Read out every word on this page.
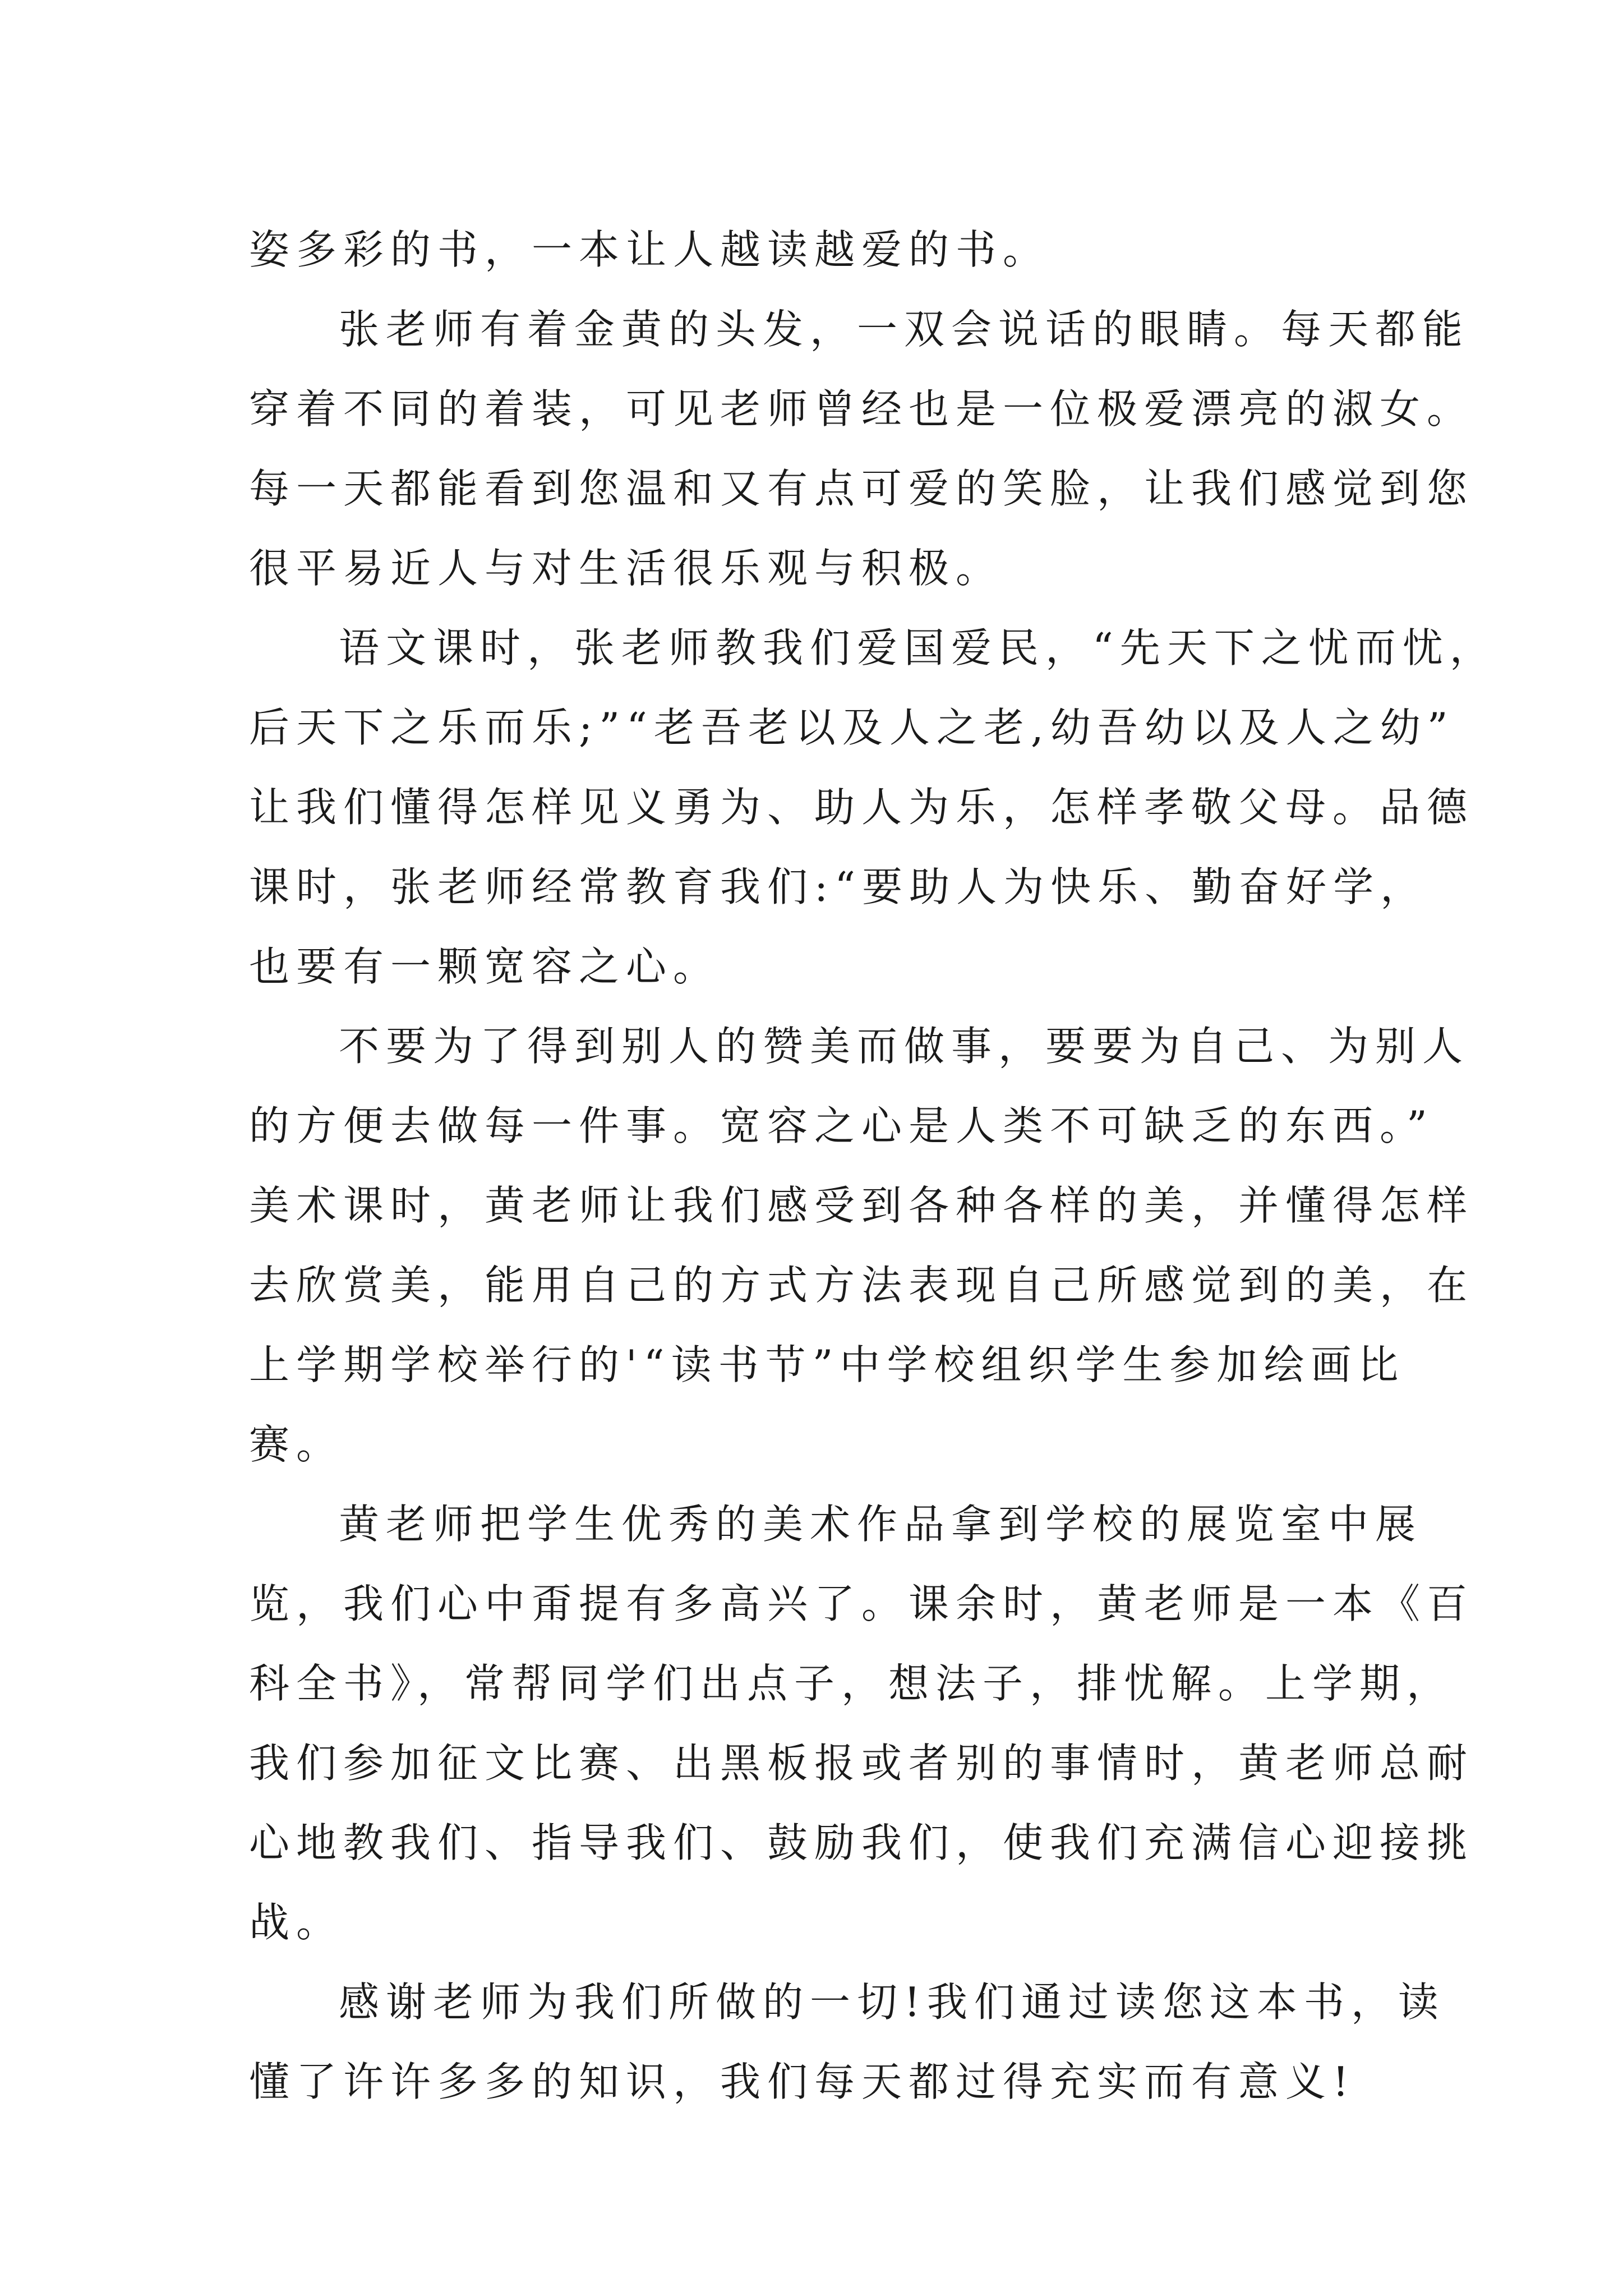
姿多彩的书，一本让人越读越爱的书。
张老师有着金黄的头发，一双会说话的眼睛。每天都能
穿着不同的着装，可见老师曾经也是一位极爱漂亮的淑女。
每一天都能看到您温和又有点可爱的笑脸，让我们感觉到您
很平易近人与对生活很乐观与积极。
语文课时，张老师教我们爱国爱民，“先天下之忧而忧，
后天下之乐而乐;”“老吾老以及人之老,幼吾幼以及人之幼”
让我们懂得怎样见义勇为、助人为乐，怎样孝敬父母。品德
课时，张老师经常教育我们:“要助人为快乐、勤奋好学，
也要有一颗宽容之心。
不要为了得到别人的赞美而做事，要要为自己、为别人
的方便去做每一件事。宽容之心是人类不可缺乏的东西。”
美术课时，黄老师让我们感受到各种各样的美，并懂得怎样
去欣赏美，能用自己的方式方法表现自己所感觉到的美，在
上学期学校举行的'“读书节”中学校组织学生参加绘画比
赛。
黄老师把学生优秀的美术作品拿到学校的展览室中展
览，我们心中甭提有多高兴了。课余时，黄老师是一本《百
科全书》，常帮同学们出点子，想法子，排忧解。上学期，
我们参加征文比赛、出黑板报或者别的事情时，黄老师总耐
心地教我们、指导我们、鼓励我们，使我们充满信心迎接挑
战。
感谢老师为我们所做的一切!我们通过读您这本书，读
懂了许许多多的知识，我们每天都过得充实而有意义!
